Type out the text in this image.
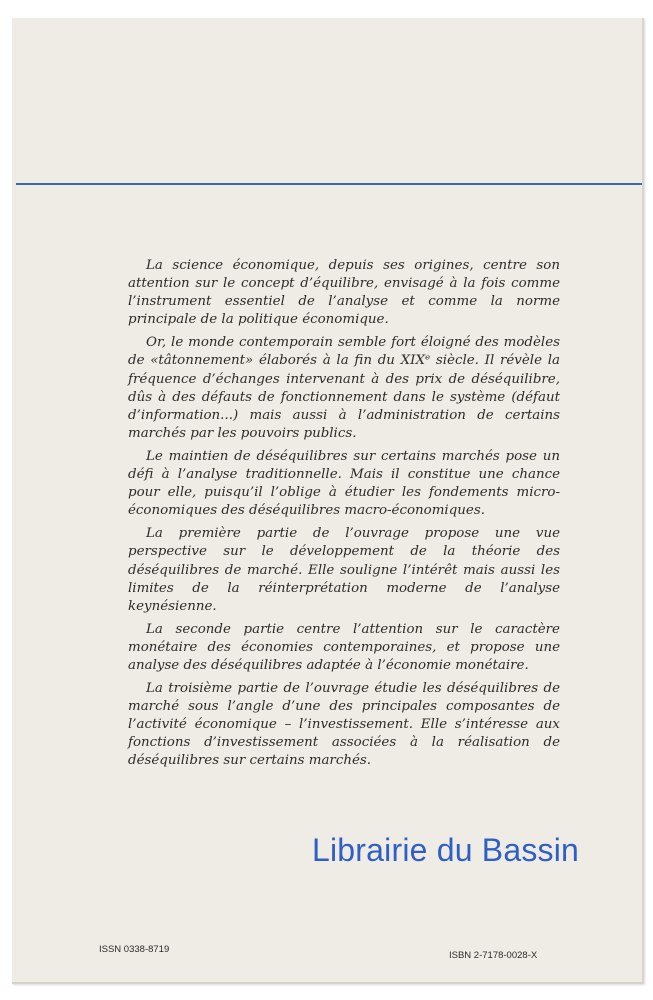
La science économique, depuis ses origines, centre son attention sur le concept d’équilibre, envisagé à la fois comme l’instrument essentiel de l’analyse et comme la norme principale de la politique économique.

Or, le monde contemporain semble fort éloigné des modèles de «tâtonnement» élaborés à la fin du XIXᵉ siècle. Il révèle la fréquence d’échanges intervenant à des prix de déséquilibre, dûs à des défauts de fonctionnement dans le système (défaut d’information...) mais aussi à l’administration de certains marchés par les pouvoirs publics.

Le maintien de déséquilibres sur certains marchés pose un défi à l’analyse traditionnelle. Mais il constitue une chance pour elle, puisqu’il l’oblige à étudier les fondements micro-économiques des déséquilibres macro-économiques.

La première partie de l’ouvrage propose une vue perspective sur le développement de la théorie des déséquilibres de marché. Elle souligne l’intérêt mais aussi les limites de la réinterprétation moderne de l’analyse keynésienne.

La seconde partie centre l’attention sur le caractère monétaire des économies contemporaines, et propose une analyse des déséquilibres adaptée à l’économie monétaire.

La troisième partie de l’ouvrage étudie les déséquilibres de marché sous l’angle d’une des principales composantes de l’activité économique – l’investissement. Elle s’intéresse aux fonctions d’investissement associées à la réalisation de déséquilibres sur certains marchés.

Librairie du Bassin
ISSN 0338-8719
ISBN 2-7178-0028-X
